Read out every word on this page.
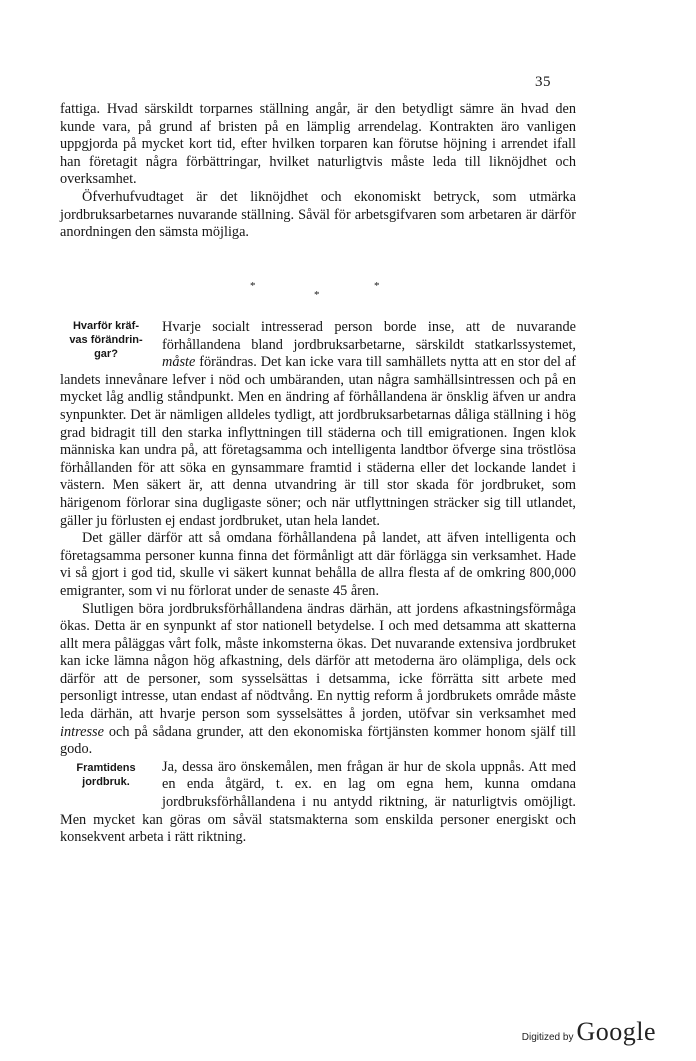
35

fattiga. Hvad särskildt torparnes ställning angår, är den betydligt sämre än hvad den kunde vara, på grund af bristen på en lämplig arrendelag. Kontrakten äro vanligen uppgjorda på mycket kort tid, efter hvilken torparen kan förutse höjning i arrendet ifall han företagit några förbättringar, hvilket naturligtvis måste leda till liknöjdhet och overksamhet.

Öfverhufvudtaget är det liknöjdhet och ekonomiskt betryck, som utmärka jordbruksarbetarnes nuvarande ställning. Såväl för arbetsgifvaren som arbetaren är därför anordningen den sämsta möjliga.

*
*
*
Hvarför kräf-
vas förändrin-
gar?

Hvarje socialt intresserad person borde inse, att de nuvarande förhållandena bland jordbruksarbetarne, särskildt statkarlssystemet, måste förändras. Det kan icke vara till samhällets nytta att en stor del af landets innevånare lefver i nöd och umbäranden, utan några samhällsintressen och på en mycket låg andlig ståndpunkt. Men en ändring af förhållandena är önsklig äfven ur andra synpunkter. Det är nämligen alldeles tydligt, att jordbruksarbetarnas dåliga ställning i hög grad bidragit till den starka inflyttningen till städerna och till emigrationen. Ingen klok människa kan undra på, att företagsamma och intelligenta landtbor öfverge sina tröstlösa förhållanden för att söka en gynsammare framtid i städerna eller det lockande landet i västern. Men säkert är, att denna utvandring är till stor skada för jordbruket, som härigenom förlorar sina dugligaste söner; och när utflyttningen sträcker sig till utlandet, gäller ju förlusten ej endast jordbruket, utan hela landet.

Det gäller därför att så omdana förhållandena på landet, att äfven intelligenta och företagsamma personer kunna finna det förmånligt att där förlägga sin verksamhet. Hade vi så gjort i god tid, skulle vi säkert kunnat behålla de allra flesta af de omkring 800,000 emigranter, som vi nu förlorat under de senaste 45 åren.

Slutligen böra jordbruksförhållandena ändras därhän, att jordens afkastningsförmåga ökas. Detta är en synpunkt af stor nationell betydelse. I och med detsamma att skatterna allt mera påläggas vårt folk, måste inkomsterna ökas. Det nuvarande extensiva jordbruket kan icke lämna någon hög afkastning, dels därför att metoderna äro olämpliga, dels ock därför att de personer, som sysselsättas i detsamma, icke förrätta sitt arbete med personligt intresse, utan endast af nödtvång. En nyttig reform å jordbrukets område måste leda därhän, att hvarje person som sysselsättes å jorden, utöfvar sin verksamhet med intresse och på sådana grunder, att den ekonomiska förtjänsten kommer honom själf till godo.

Framtidens
jordbruk.

Ja, dessa äro önskemålen, men frågan är hur de skola uppnås. Att med en enda åtgärd, t. ex. en lag om egna hem, kunna omdana jordbruksförhållandena i nu antydd riktning, är naturligtvis omöjligt. Men mycket kan göras om såväl statsmakterna som enskilda personer energiskt och konsekvent arbeta i rätt riktning.

Digitized by Google
